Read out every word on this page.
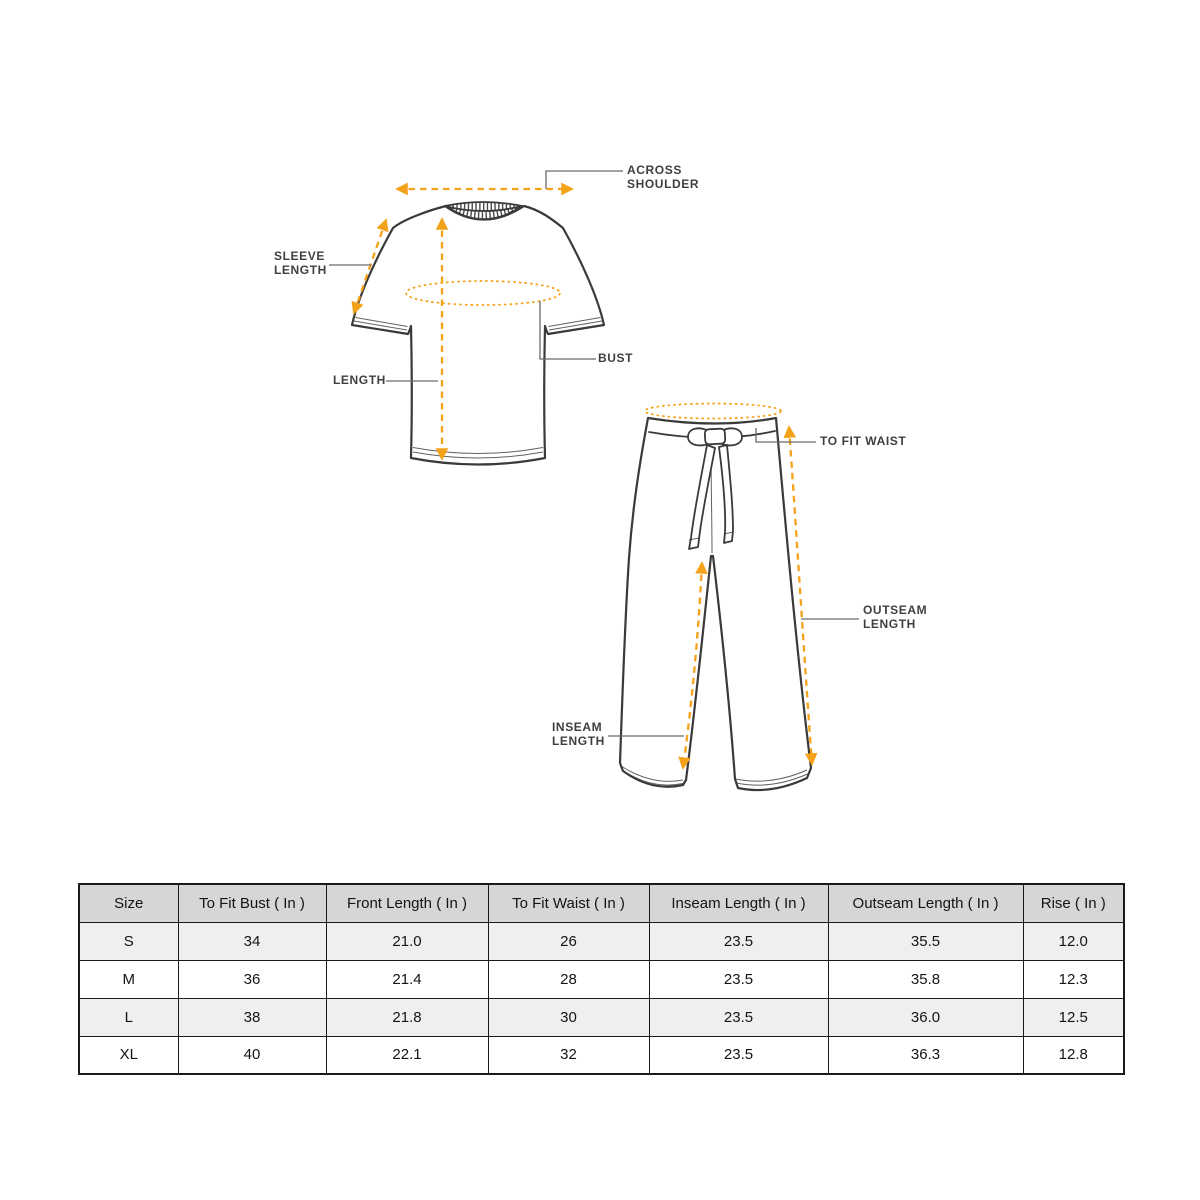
ACROSS
SHOULDER
SLEEVE
LENGTH
LENGTH
BUST
TO FIT WAIST
OUTSEAM
LENGTH
INSEAM
LENGTH
Size	To Fit Bust ( In )	Front Length ( In )	To Fit Waist ( In )	Inseam Length ( In )	Outseam Length ( In )	Rise ( In )
S	34	21.0	26	23.5	35.5	12.0
M	36	21.4	28	23.5	35.8	12.3
L	38	21.8	30	23.5	36.0	12.5
XL	40	22.1	32	23.5	36.3	12.8
